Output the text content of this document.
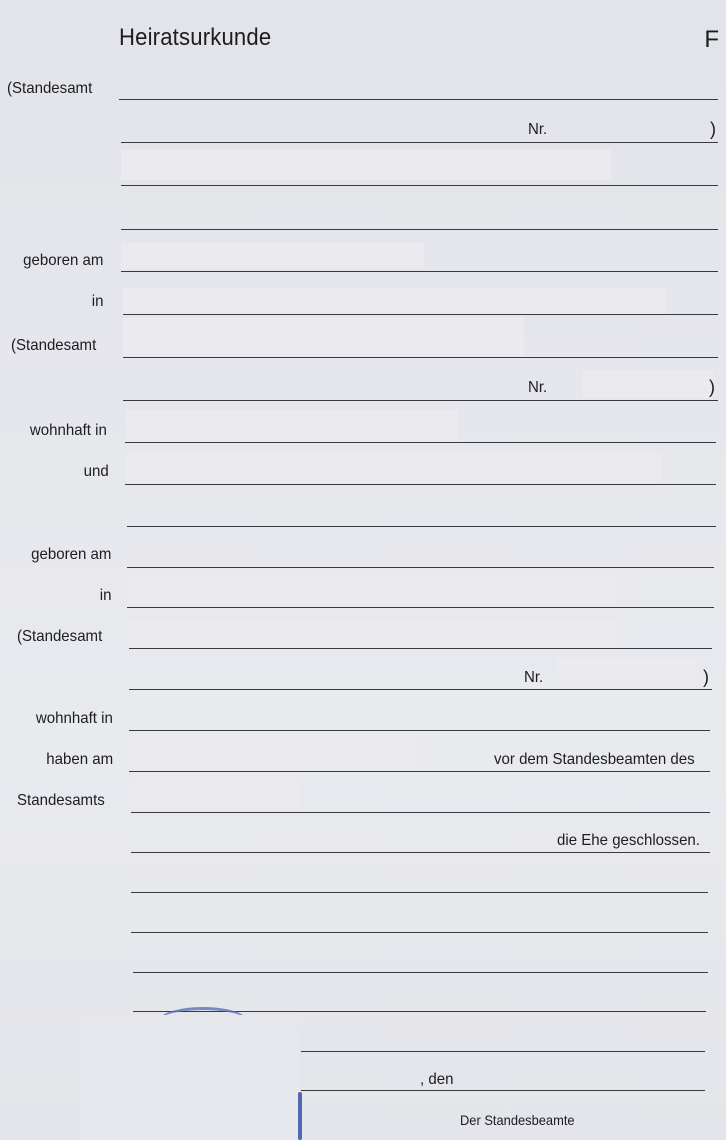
Heiratsurkunde	F
(Standesamt
Nr.	)
geboren am
in
(Standesamt
Nr.	)
wohnhaft in
und
geboren am
in
(Standesamt
Nr.	)
wohnhaft in
haben am	vor dem Standesbeamten des
Standesamts
die Ehe geschlossen.
, den
Der Standesbeamte
